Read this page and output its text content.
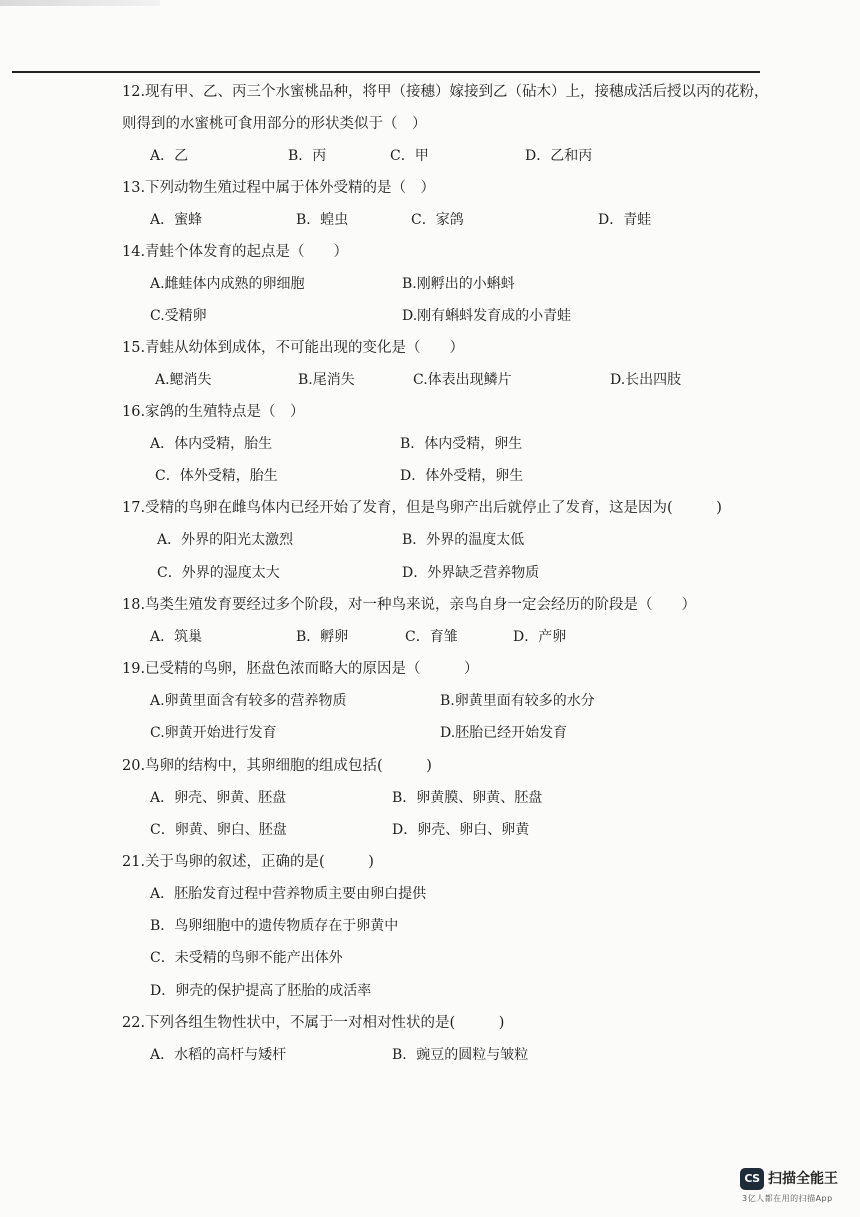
12.现有甲、乙、丙三个水蜜桃品种，将甲（接穗）嫁接到乙（砧木）上，接穗成活后授以丙的花粉，
则得到的水蜜桃可食用部分的形状类似于（　）
A．乙	B．丙	C．甲	D．乙和丙
13.下列动物生殖过程中属于体外受精的是（　）
A．蜜蜂	B．蝗虫	C．家鸽	D．青蛙
14.青蛙个体发育的起点是（　　）
A.雌蛙体内成熟的卵细胞	B.刚孵出的小蝌蚪
C.受精卵	D.刚有蝌蚪发育成的小青蛙
15.青蛙从幼体到成体，不可能出现的变化是（　　）
A.鳃消失	B.尾消失	C.体表出现鳞片	D.长出四肢
16.家鸽的生殖特点是（　）
A．体内受精，胎生	B．体内受精，卵生
C．体外受精，胎生	D．体外受精，卵生
17.受精的鸟卵在雌鸟体内已经开始了发育，但是鸟卵产出后就停止了发育，这是因为(　　　)
A．外界的阳光太激烈	B．外界的温度太低
C．外界的湿度太大	D．外界缺乏营养物质
18.鸟类生殖发育要经过多个阶段，对一种鸟来说，亲鸟自身一定会经历的阶段是（　　）
A．筑巢	B．孵卵	C．育雏	D．产卵
19.已受精的鸟卵，胚盘色浓而略大的原因是（　　　）
A.卵黄里面含有较多的营养物质	B.卵黄里面有较多的水分
C.卵黄开始进行发育	D.胚胎已经开始发育
20.鸟卵的结构中，其卵细胞的组成包括(　　　)
A．卵壳、卵黄、胚盘	B．卵黄膜、卵黄、胚盘
C．卵黄、卵白、胚盘	D．卵壳、卵白、卵黄
21.关于鸟卵的叙述，正确的是(　　　)
A．胚胎发育过程中营养物质主要由卵白提供
B．鸟卵细胞中的遗传物质存在于卵黄中
C．未受精的鸟卵不能产出体外
D．卵壳的保护提高了胚胎的成活率
22.下列各组生物性状中，不属于一对相对性状的是(　　　)
A．水稻的高杆与矮杆	B．豌豆的圆粒与皱粒
CS 扫描全能王
3亿人都在用的扫描App
